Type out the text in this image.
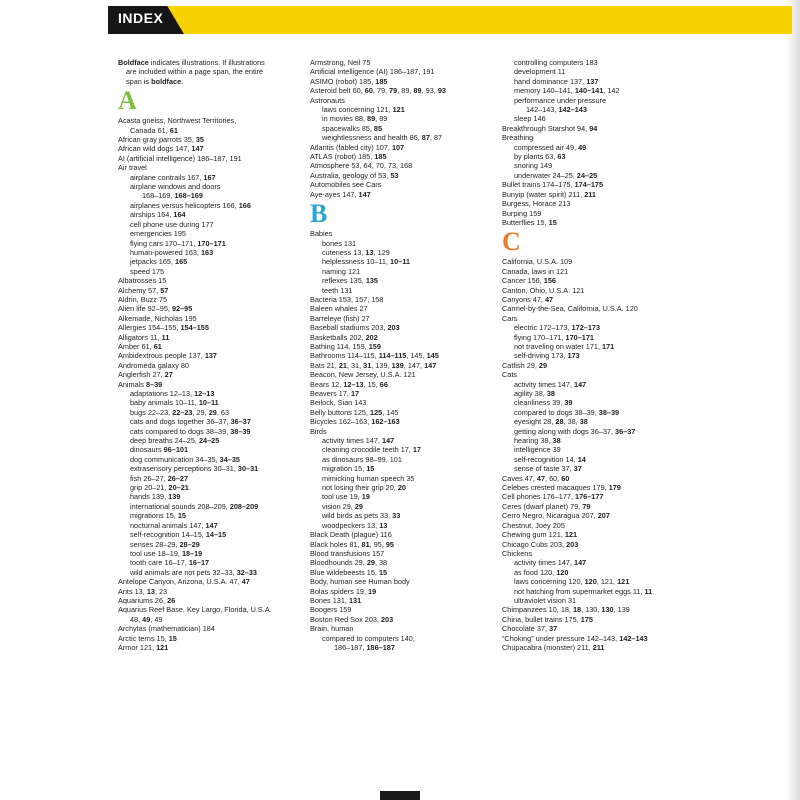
INDEX
Boldface indicates illustrations. If illustrations
are included within a page span, the entire
span is boldface.
A
Acasta gneiss, Northwest Territories,
Canada 61, 61
African gray parrots 35, 35
African wild dogs 147, 147
AI (artificial intelligence) 186–187, 191
Air travel
airplane contrails 167, 167
airplane windows and doors
168–169, 168–169
airplanes versus helicopters 166, 166
airships 164, 164
cell phone use during 177
emergencies 195
flying cars 170–171, 170–171
human-powered 163, 163
jetpacks 165, 165
speed 175
Albatrosses 15
Alchemy 57, 57
Aldrin, Buzz 75
Alien life 92–95, 92–95
Alkemade, Nicholas 195
Allergies 154–155, 154–155
Alligators 11, 11
Amber 61, 61
Ambidextrous people 137, 137
Andromeda galaxy 80
Anglerfish 27, 27
Animals 8–39
adaptations 12–13, 12–13
baby animals 10–11, 10–11
bugs 22–23, 22–23, 29, 29, 63
cats and dogs together 36–37, 36–37
cats compared to dogs 38–39, 38–39
deep breaths 24–25, 24–25
dinosaurs 96–101
dog communication 34–35, 34–35
extrasensory perceptions 30–31, 30–31
fish 26–27, 26–27
grip 20–21, 20–21
hands 139, 139
international sounds 208–209, 208–209
migrations 15, 15
nocturnal animals 147, 147
self-recognition 14–15, 14–15
senses 28–29, 28–29
tool use 18–19, 18–19
tooth care 16–17, 16–17
wild animals are not pets 32–33, 32–33
Antelope Canyon, Arizona, U.S.A. 47, 47
Ants 13, 13, 23
Aquariums 26, 26
Aquarius Reef Base, Key Largo, Florida, U.S.A.
48, 49, 49
Archytas (mathematician) 184
Arctic terns 15, 15
Armor 121, 121
Armstrong, Neil 75
Artificial intelligence (AI) 186–187, 191
ASIMO (robot) 185, 185
Asteroid belt 60, 60, 79, 79, 89, 89, 93, 93
Astronauts
laws concerning 121, 121
in movies 88, 89, 89
spacewalks 85, 85
weightlessness and health 86, 87, 87
Atlantis (fabled city) 107, 107
ATLAS (robot) 185, 185
Atmosphere 53, 64, 70, 73, 168
Australia, geology of 53, 53
Automobiles see Cars
Aye-ayes 147, 147
B
Babies
bones 131
cuteness 13, 13, 129
helplessness 10–11, 10–11
naming 121
reflexes 135, 135
teeth 131
Bacteria 153, 157, 158
Baleen whales 27
Barreleye (fish) 27
Baseball stadiums 203, 203
Basketballs 202, 202
Bathing 114, 159, 159
Bathrooms 114–115, 114–115, 145, 145
Bats 21, 21, 31, 31, 139, 139, 147, 147
Beacon, New Jersey, U.S.A. 121
Bears 12, 12–13, 15, 66
Beavers 17, 17
Beilock, Sian 143
Belly buttons 125, 125, 145
Bicycles 162–163, 162–163
Birds
activity times 147, 147
cleaning crocodile teeth 17, 17
as dinosaurs 98–99, 101
migration 15, 15
mimicking human speech 35
not losing their grip 20, 20
tool use 19, 19
vision 29, 29
wild birds as pets 33, 33
woodpeckers 13, 13
Black Death (plague) 116
Black holes 81, 81, 95, 95
Blood transfusions 157
Bloodhounds 29, 29, 38
Blue wildebeests 15, 15
Body, human see Human body
Bolas spiders 19, 19
Bones 131, 131
Boogers 159
Boston Red Sox 203, 203
Brain, human
compared to computers 140,
186–187, 186–187
controlling computers 183
development 11
hand dominance 137, 137
memory 140–141, 140–141, 142
performance under pressure
142–143, 142–143
sleep 146
Breakthrough Starshot 94, 94
Breathing
compressed air 49, 49
by plants 63, 63
snoring 149
underwater 24–25, 24–25
Bullet trains 174–175, 174–175
Bunyip (water spirit) 211, 211
Burgess, Horace 213
Burping 159
Butterflies 15, 15
C
California, U.S.A. 109
Canada, laws in 121
Cancer 156, 156
Canton, Ohio, U.S.A. 121
Canyons 47, 47
Carmel-by-the-Sea, California, U.S.A. 120
Cars
electric 172–173, 172–173
flying 170–171, 170–171
not traveling on water 171, 171
self-driving 173, 173
Catfish 29, 29
Cats
activity times 147, 147
agility 38, 38
cleanliness 39, 39
compared to dogs 38–39, 38–39
eyesight 28, 28, 38, 38
getting along with dogs 36–37, 36–37
hearing 38, 38
intelligence 39
self-recognition 14, 14
sense of taste 37, 37
Caves 47, 47, 60, 60
Celebes crested macaques 179, 179
Cell phones 176–177, 176–177
Ceres (dwarf planet) 79, 79
Cerro Negro, Nicaragua 207, 207
Chestnut, Joey 205
Chewing gum 121, 121
Chicago Cubs 203, 203
Chickens
activity times 147, 147
as food 120, 120
laws concerning 120, 120, 121, 121
not hatching from supermarket eggs 11, 11
ultraviolet vision 31
Chimpanzees 10, 18, 18, 130, 130, 139
China, bullet trains 175, 175
Chocolate 37, 37
“Choking” under pressure 142–143, 142–143
Chupacabra (monster) 211, 211
